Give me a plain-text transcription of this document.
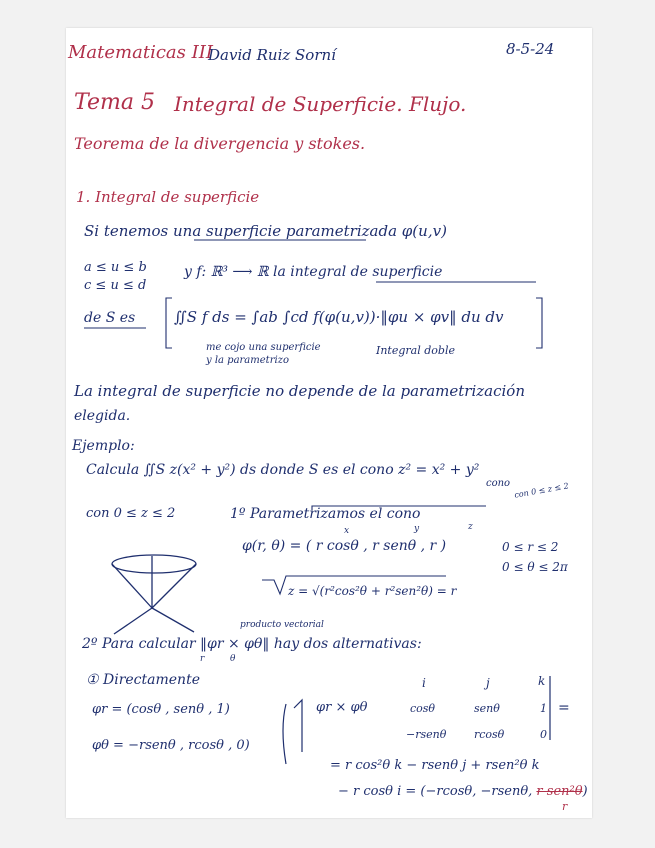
Matematicas III
David Ruiz Sorní	8-5-24
Tema 5 Integral de Superficie. Flujo.
Teorema de la divergencia y stokes.
1. Integral de superficie
Si tenemos una superficie parametrizada φ(u,v)
a ≤ u ≤ b
c ≤ u ≤ d
y f: ℝ³ ⟶ ℝ la integral de superficie
de S es	∬S f ds = ∫ab ∫cd f(φ(u,v))·‖φu × φv‖ du dv
me cojo una superficie
y la parametrizo
Integral doble
La integral de superficie no depende de la parametrización
elegida.
Ejemplo:
Calcula ∬S z(x² + y²) ds donde S es el cono z² = x² + y²
cono
con 0 ≤ z ≤ 2
con 0 ≤ z ≤ 2
1º Parametrizamos el cono
x	y	z
φ(r, θ) = ( r cosθ , r senθ , r )	0 ≤ r ≤ 2
0 ≤ θ ≤ 2π
z = √(r²cos²θ + r²sen²θ) = r
2º Para calcular ‖φr × φθ‖ hay dos alternativas:
producto vectorial
r	θ
① Directamente
φr = (cosθ , senθ , 1)
φθ = −rsenθ , rcosθ , 0)
φr × φθ
i	j	k
cosθ	senθ	1
−rsenθ	rcosθ	0
=
= r cos²θ k − rsenθ j + rsen²θ k
− r cosθ i = (−rcosθ, −rsenθ, r sen²θ)
r
